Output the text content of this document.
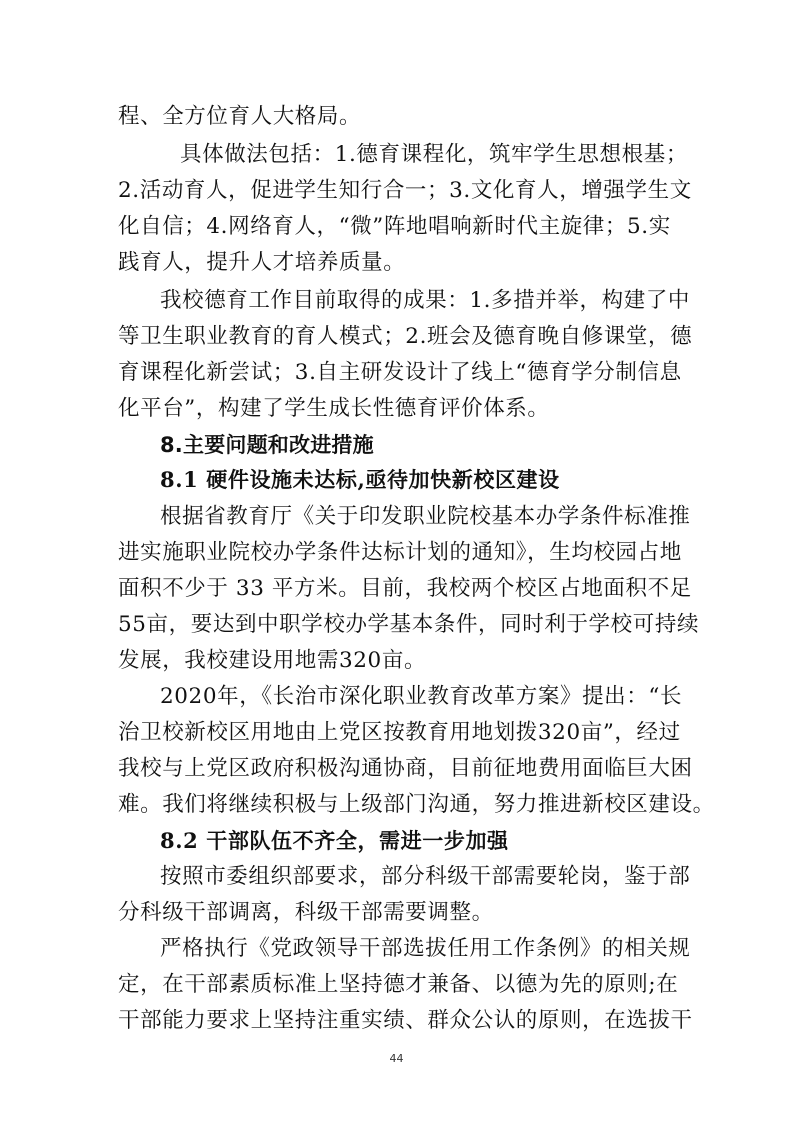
程、全方位育人大格局。

具体做法包括：1.德育课程化，筑牢学生思想根基；

2.活动育人，促进学生知行合一；3.文化育人，增强学生文

化自信；4.网络育人，“微”阵地唱响新时代主旋律；5.实

践育人，提升人才培养质量。

我校德育工作目前取得的成果：1.多措并举，构建了中

等卫生职业教育的育人模式；2.班会及德育晚自修课堂，德

育课程化新尝试；3.自主研发设计了线上“德育学分制信息

化平台”，构建了学生成长性德育评价体系。

8.主要问题和改进措施
8.1 硬件设施未达标,亟待加快新校区建设

根据省教育厅《关于印发职业院校基本办学条件标准推

进实施职业院校办学条件达标计划的通知》，生均校园占地

面积不少于 33 平方米。目前，我校两个校区占地面积不足

55亩，要达到中职学校办学基本条件，同时利于学校可持续

发展，我校建设用地需320亩。

2020年，《长治市深化职业教育改革方案》提出：“长

治卫校新校区用地由上党区按教育用地划拨320亩”，经过

我校与上党区政府积极沟通协商，目前征地费用面临巨大困

难。我们将继续积极与上级部门沟通，努力推进新校区建设。

8.2 干部队伍不齐全，需进一步加强

按照市委组织部要求，部分科级干部需要轮岗，鉴于部

分科级干部调离，科级干部需要调整。

严格执行《党政领导干部选拔任用工作条例》的相关规

定，在干部素质标准上坚持德才兼备、以德为先的原则;在

干部能力要求上坚持注重实绩、群众公认的原则，在选拔干

44
